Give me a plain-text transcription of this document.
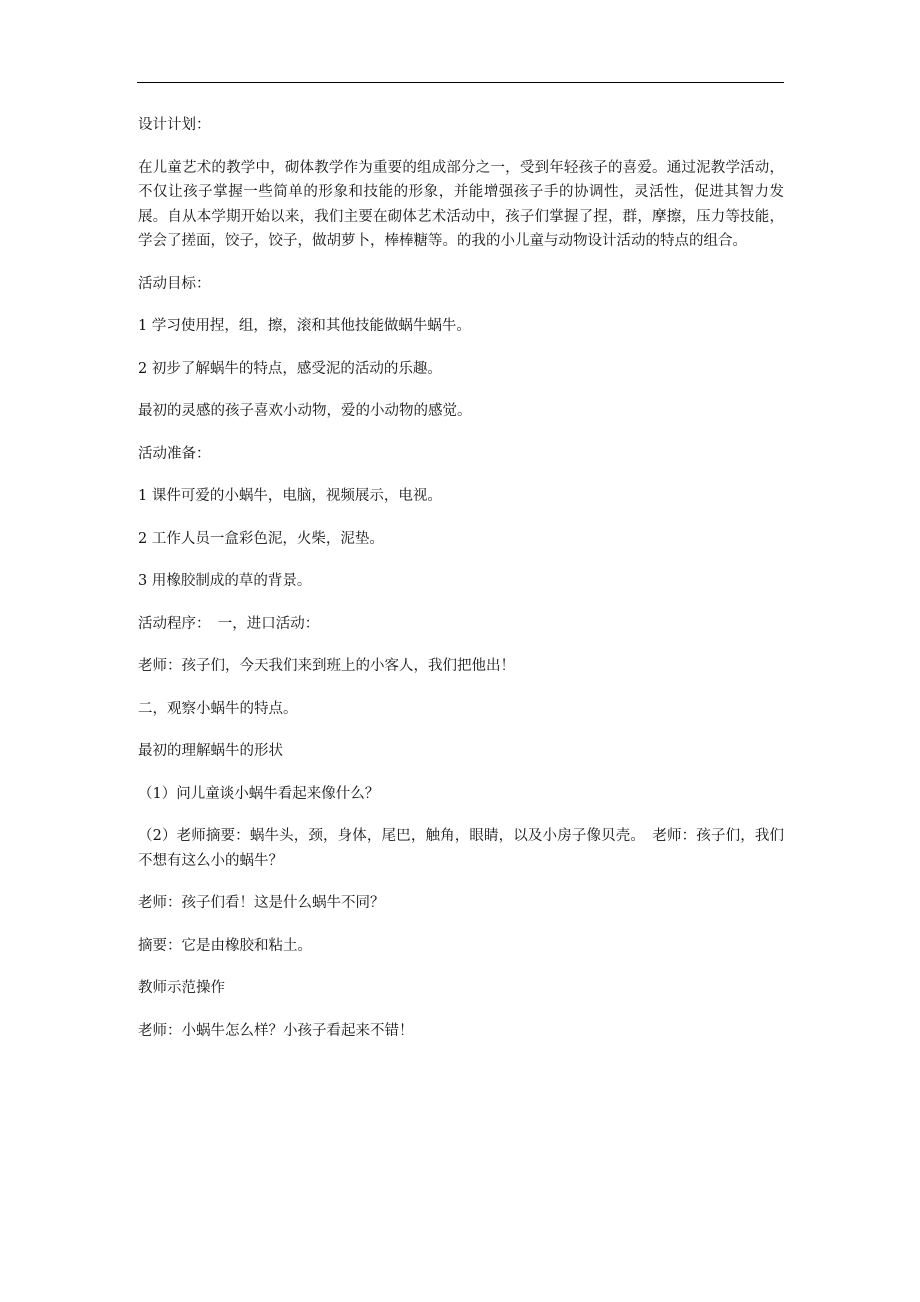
设计计划：

在儿童艺术的教学中，砌体教学作为重要的组成部分之一，受到年轻孩子的喜爱。通过泥教学活动，不仅让孩子掌握一些简单的形象和技能的形象，并能增强孩子手的协调性，灵活性，促进其智力发展。自从本学期开始以来，我们主要在砌体艺术活动中，孩子们掌握了捏，群，摩擦，压力等技能，学会了搓面，饺子，饺子，做胡萝卜，棒棒糖等。的我的小儿童与动物设计活动的特点的组合。

活动目标：

1 学习使用捏，组，擦，滚和其他技能做蜗牛蜗牛。

2 初步了解蜗牛的特点，感受泥的活动的乐趣。

最初的灵感的孩子喜欢小动物，爱的小动物的感觉。

活动准备：

1 课件可爱的小蜗牛，电脑，视频展示，电视。

2 工作人员一盒彩色泥，火柴，泥垫。

3 用橡胶制成的草的背景。

活动程序：　一，进口活动：

老师：孩子们，今天我们来到班上的小客人，我们把他出！

二，观察小蜗牛的特点。

最初的理解蜗牛的形状

（1）问儿童谈小蜗牛看起来像什么？

（2）老师摘要：蜗牛头，颈，身体，尾巴，触角，眼睛，以及小房子像贝壳。　老师：孩子们，我们不想有这么小的蜗牛？

老师：孩子们看！这是什么蜗牛不同？

摘要：它是由橡胶和粘土。

教师示范操作

老师：小蜗牛怎么样？小孩子看起来不错！
